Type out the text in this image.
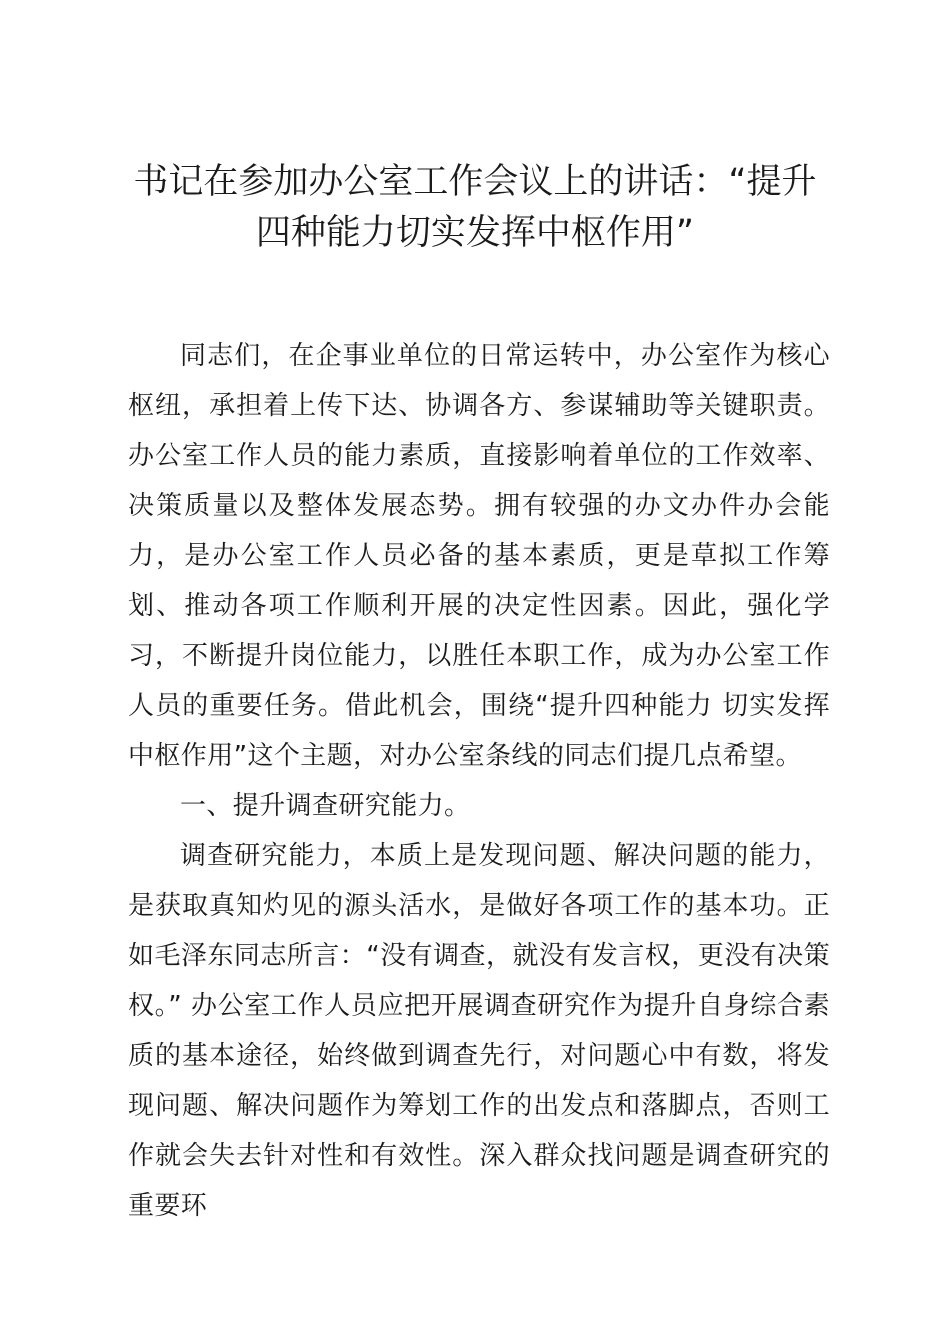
书记在参加办公室工作会议上的讲话：“提升四种能力切实发挥中枢作用”

同志们，在企事业单位的日常运转中，办公室作为核心枢纽，承担着上传下达、协调各方、参谋辅助等关键职责。办公室工作人员的能力素质，直接影响着单位的工作效率、决策质量以及整体发展态势。拥有较强的办文办件办会能力，是办公室工作人员必备的基本素质，更是草拟工作筹划、推动各项工作顺利开展的决定性因素。因此，强化学习，不断提升岗位能力，以胜任本职工作，成为办公室工作人员的重要任务。借此机会，围绕“提升四种能力 切实发挥中枢作用”这个主题，对办公室条线的同志们提几点希望。

一、提升调查研究能力。

调查研究能力，本质上是发现问题、解决问题的能力，是获取真知灼见的源头活水，是做好各项工作的基本功。正如毛泽东同志所言：“没有调查，就没有发言权，更没有决策权。” 办公室工作人员应把开展调查研究作为提升自身综合素质的基本途径，始终做到调查先行，对问题心中有数，将发现问题、解决问题作为筹划工作的出发点和落脚点，否则工作就会失去针对性和有效性。深入群众找问题是调查研究的重要环
